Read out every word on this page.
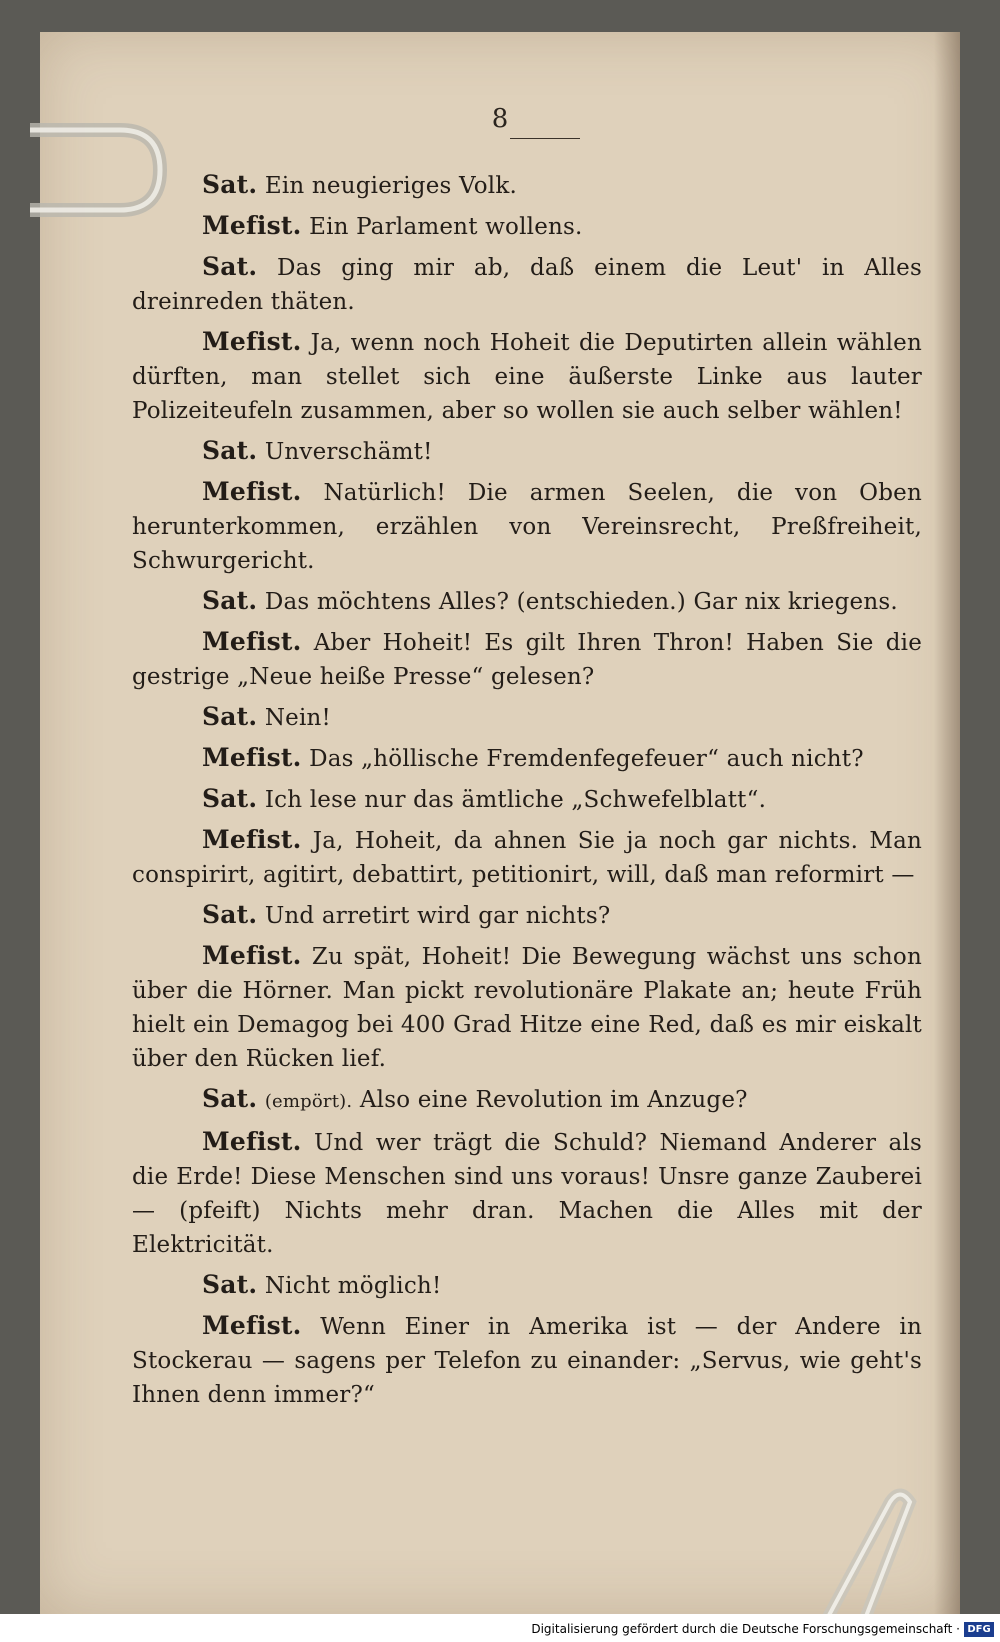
8

Sat. Ein neugieriges Volk.

Mefist. Ein Parlament wollens.

Sat. Das ging mir ab, daß einem die Leut' in Alles dreinreden thäten.

Mefist. Ja, wenn noch Hoheit die Deputirten allein wählen dürften, man stellet sich eine äußerste Linke aus lauter Polizeiteufeln zusammen, aber so wollen sie auch selber wählen!

Sat. Unverschämt!

Mefist. Natürlich! Die armen Seelen, die von Oben herunterkommen, erzählen von Vereinsrecht, Preßfreiheit, Schwurgericht.

Sat. Das möchtens Alles? (entschieden.) Gar nix kriegens.

Mefist. Aber Hoheit! Es gilt Ihren Thron! Haben Sie die gestrige „Neue heiße Presse“ gelesen?

Sat. Nein!

Mefist. Das „höllische Fremdenfegefeuer“ auch nicht?

Sat. Ich lese nur das ämtliche „Schwefelblatt“.

Mefist. Ja, Hoheit, da ahnen Sie ja noch gar nichts. Man conspirirt, agitirt, debattirt, petitionirt, will, daß man reformirt —

Sat. Und arretirt wird gar nichts?

Mefist. Zu spät, Hoheit! Die Bewegung wächst uns schon über die Hörner. Man pickt revolutionäre Plakate an; heute Früh hielt ein Demagog bei 400 Grad Hitze eine Red, daß es mir eiskalt über den Rücken lief.

Sat. (empört). Also eine Revolution im Anzuge?

Mefist. Und wer trägt die Schuld? Niemand Anderer als die Erde! Diese Menschen sind uns voraus! Unsre ganze Zauberei — (pfeift) Nichts mehr dran. Machen die Alles mit der Elektricität.

Sat. Nicht möglich!

Mefist. Wenn Einer in Amerika ist — der Andere in Stockerau — sagens per Telefon zu einander: „Servus, wie geht's Ihnen denn immer?“

Digitalisierung gefördert durch die Deutsche Forschungsgemeinschaft · DFG
